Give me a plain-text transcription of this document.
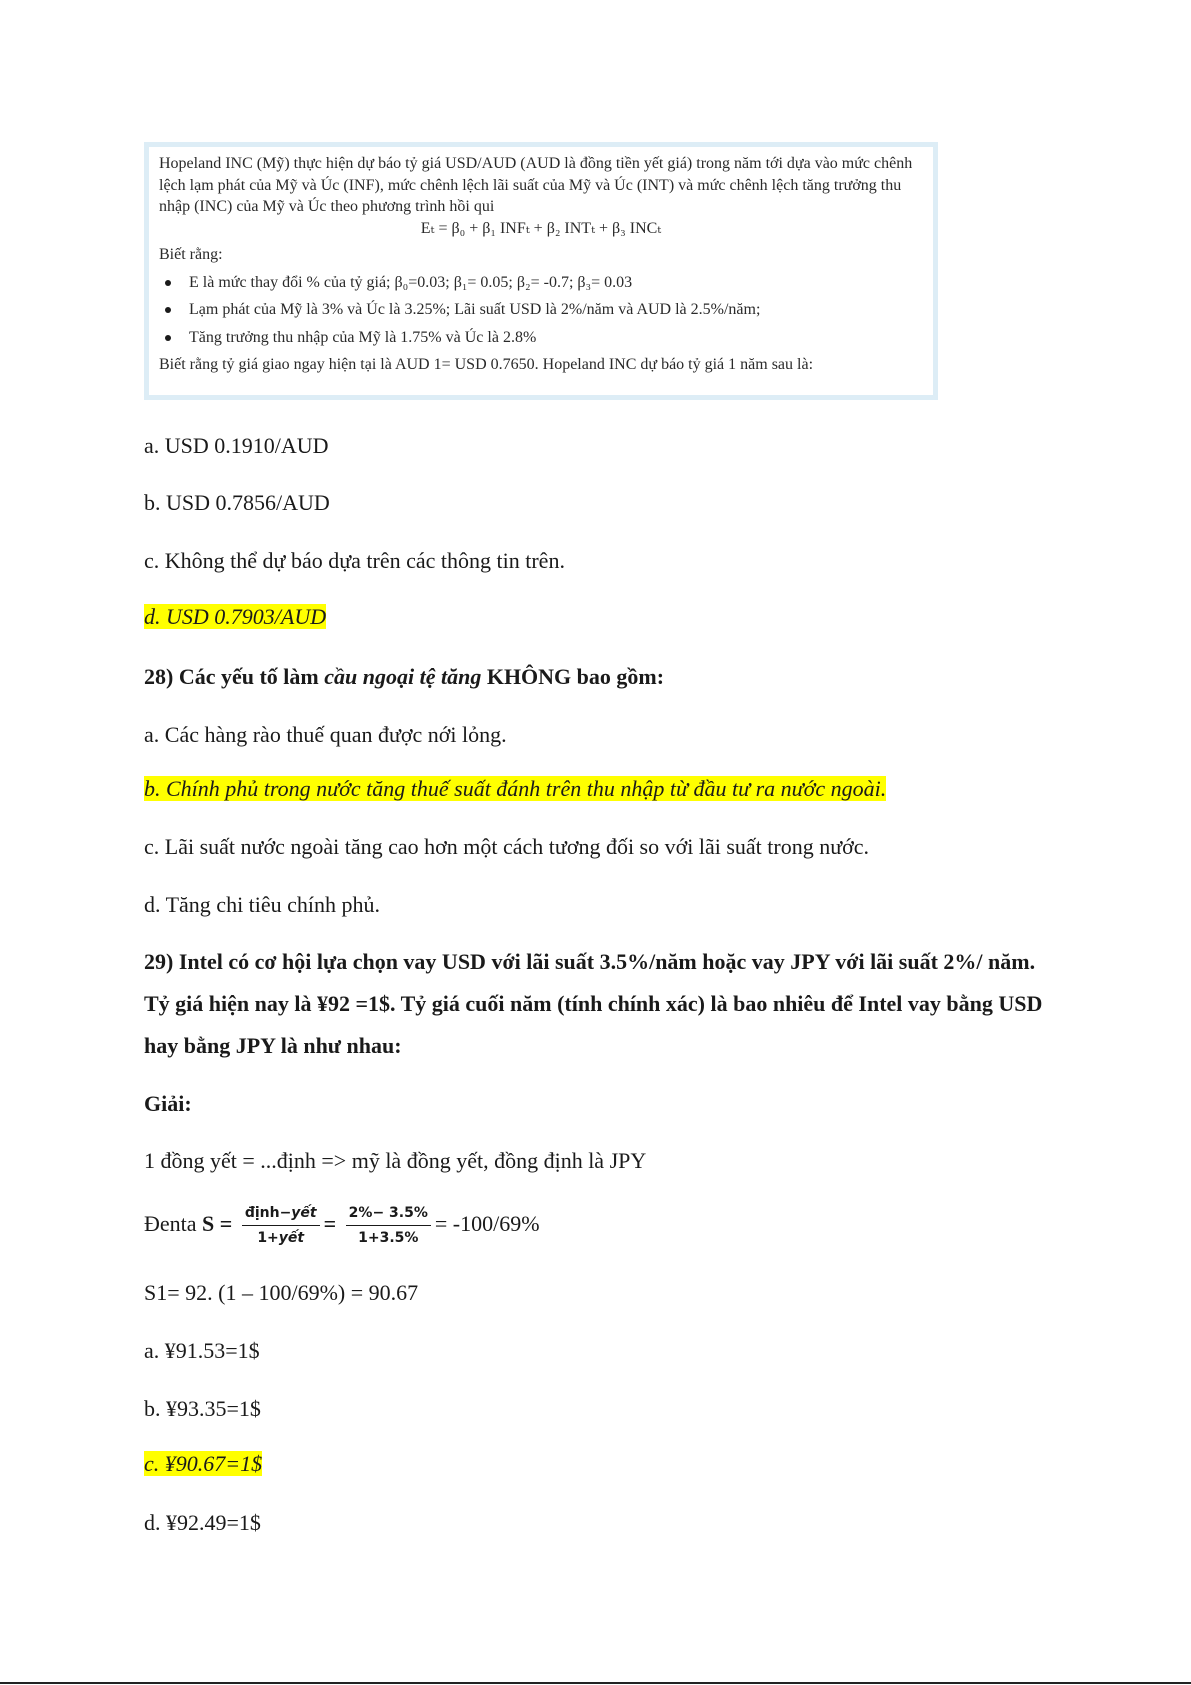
Hopeland INC (Mỹ) thực hiện dự báo tỷ giá USD/AUD (AUD là đồng tiền yết giá) trong năm tới dựa vào mức chênh lệch lạm phát của Mỹ và Úc (INF), mức chênh lệch lãi suất của Mỹ và Úc (INT) và mức chênh lệch tăng trưởng thu nhập (INC) của Mỹ và Úc theo phương trình hồi qui

Eₜ = β₀ + β₁ INFₜ + β₂ INTₜ + β₃ INCₜ

Biết rằng:

E là mức thay đổi % của tỷ giá; β₀=0.03; β₁= 0.05; β₂= -0.7; β₃= 0.03
Lạm phát của Mỹ là 3% và Úc là 3.25%; Lãi suất USD là 2%/năm và AUD là 2.5%/năm;
Tăng trưởng thu nhập của Mỹ là 1.75% và Úc là 2.8%

Biết rằng tỷ giá giao ngay hiện tại là AUD 1= USD 0.7650. Hopeland INC dự báo tỷ giá 1 năm sau là:

a. USD 0.1910/AUD

b. USD 0.7856/AUD

c. Không thể dự báo dựa trên các thông tin trên.

d. USD 0.7903/AUD

28) Các yếu tố làm cầu ngoại tệ tăng KHÔNG bao gồm:

a. Các hàng rào thuế quan được nới lỏng.

b. Chính phủ trong nước tăng thuế suất đánh trên thu nhập từ đầu tư ra nước ngoài.

c. Lãi suất nước ngoài tăng cao hơn một cách tương đối so với lãi suất trong nước.

d. Tăng chi tiêu chính phủ.

29) Intel có cơ hội lựa chọn vay USD với lãi suất 3.5%/năm hoặc vay JPY với lãi suất 2%/ năm. Tỷ giá hiện nay là ¥92 =1$. Tỷ giá cuối năm (tính chính xác) là bao nhiêu để Intel vay bằng USD hay bằng JPY là như nhau:

Giải:

1 đồng yết = ...định => mỹ là đồng yết, đồng định là JPY

Đenta $S = \frac{\text{định−yết}}{\text{1+yết}} = \frac{2\%- 3.5\%}{1+3.5\%} = -100/69\%$

S1= 92. (1 – 100/69%) = 90.67

a. ¥91.53=1$

b. ¥93.35=1$

c. ¥90.67=1$

d. ¥92.49=1$
